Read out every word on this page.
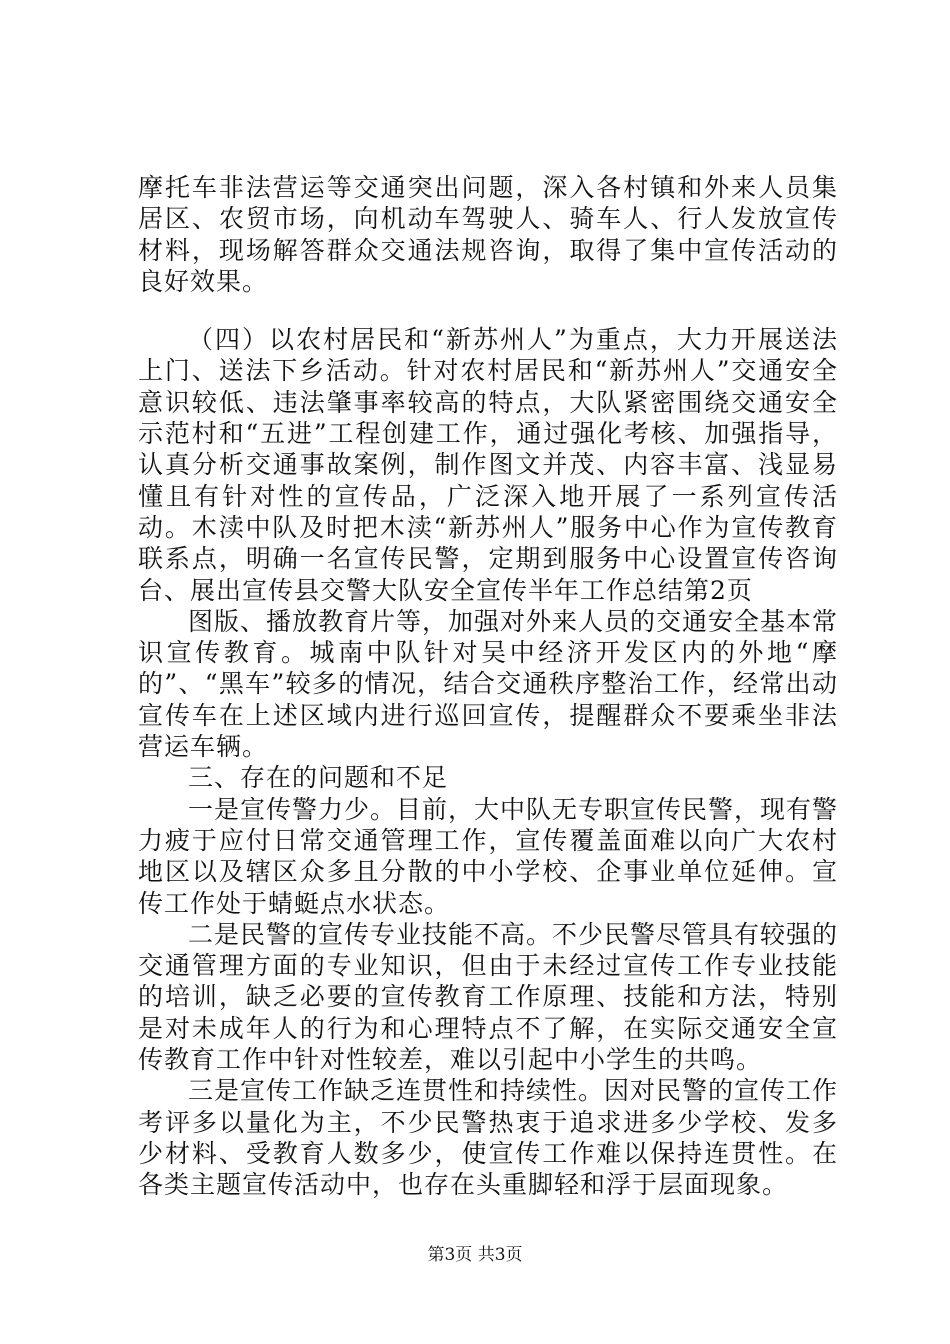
摩托车非法营运等交通突出问题，深入各村镇和外来人员集居区、农贸市场，向机动车驾驶人、骑车人、行人发放宣传材料，现场解答群众交通法规咨询，取得了集中宣传活动的良好效果。

（四）以农村居民和“新苏州人”为重点，大力开展送法上门、送法下乡活动。针对农村居民和“新苏州人”交通安全意识较低、违法肇事率较高的特点，大队紧密围绕交通安全示范村和“五进”工程创建工作，通过强化考核、加强指导，认真分析交通事故案例，制作图文并茂、内容丰富、浅显易懂且有针对性的宣传品，广泛深入地开展了一系列宣传活动。木渎中队及时把木渎“新苏州人”服务中心作为宣传教育联系点，明确一名宣传民警，定期到服务中心设置宣传咨询台、展出宣传县交警大队安全宣传半年工作总结第2页

图版、播放教育片等，加强对外来人员的交通安全基本常识宣传教育。城南中队针对吴中经济开发区内的外地“摩的”、“黑车”较多的情况，结合交通秩序整治工作，经常出动宣传车在上述区域内进行巡回宣传，提醒群众不要乘坐非法营运车辆。

三、存在的问题和不足

一是宣传警力少。目前，大中队无专职宣传民警，现有警力疲于应付日常交通管理工作，宣传覆盖面难以向广大农村地区以及辖区众多且分散的中小学校、企事业单位延伸。宣传工作处于蜻蜓点水状态。

二是民警的宣传专业技能不高。不少民警尽管具有较强的交通管理方面的专业知识，但由于未经过宣传工作专业技能的培训，缺乏必要的宣传教育工作原理、技能和方法，特别是对未成年人的行为和心理特点不了解，在实际交通安全宣传教育工作中针对性较差，难以引起中小学生的共鸣。

三是宣传工作缺乏连贯性和持续性。因对民警的宣传工作考评多以量化为主，不少民警热衷于追求进多少学校、发多少材料、受教育人数多少，使宣传工作难以保持连贯性。在各类主题宣传活动中，也存在头重脚轻和浮于层面现象。

第3页 共3页
